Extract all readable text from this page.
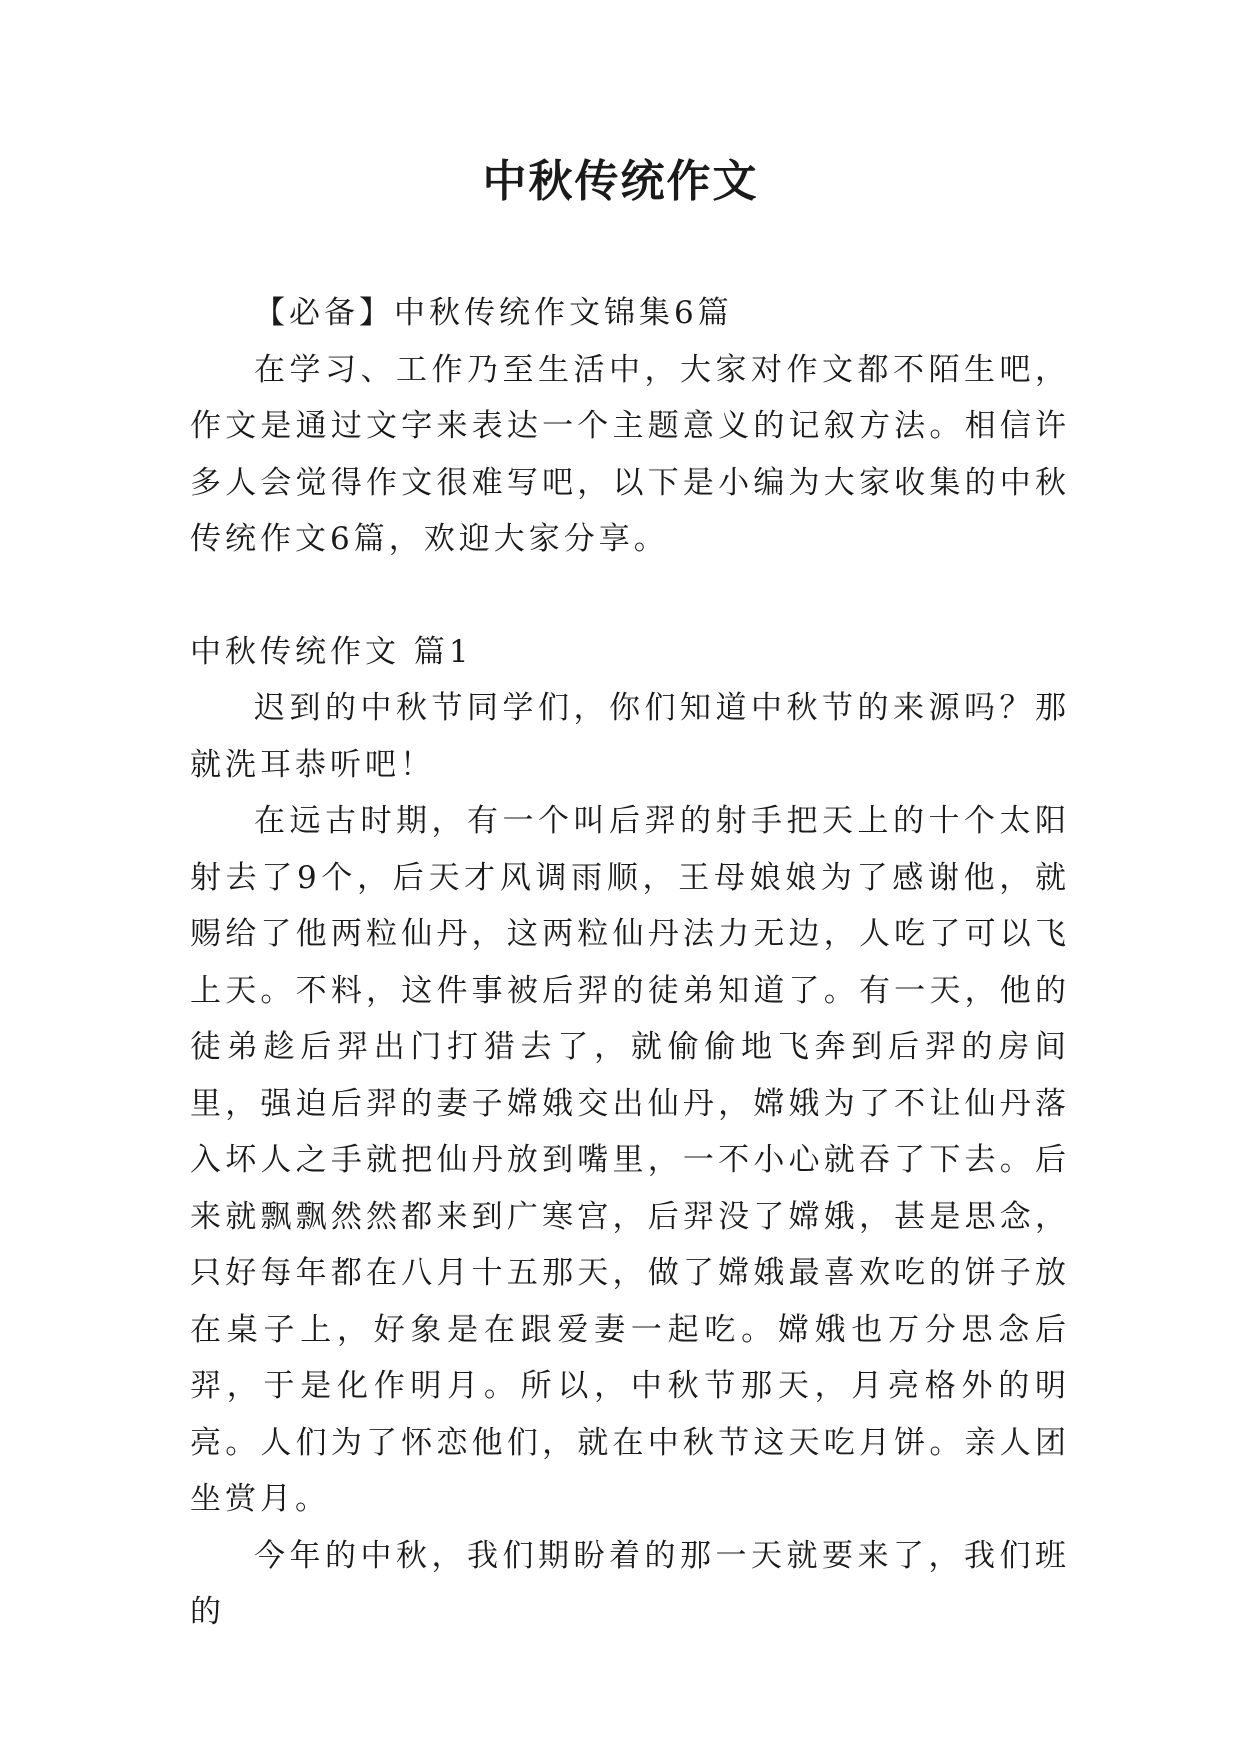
中秋传统作文

【必备】中秋传统作文锦集6篇

在学习、工作乃至生活中，大家对作文都不陌生吧，作文是通过文字来表达一个主题意义的记叙方法。相信许多人会觉得作文很难写吧，以下是小编为大家收集的中秋传统作文6篇，欢迎大家分享。

中秋传统作文 篇1

迟到的中秋节同学们，你们知道中秋节的来源吗？那就洗耳恭听吧！

在远古时期，有一个叫后羿的射手把天上的十个太阳射去了9个，后天才风调雨顺，王母娘娘为了感谢他，就赐给了他两粒仙丹，这两粒仙丹法力无边，人吃了可以飞上天。不料，这件事被后羿的徒弟知道了。有一天，他的徒弟趁后羿出门打猎去了，就偷偷地飞奔到后羿的房间里，强迫后羿的妻子嫦娥交出仙丹，嫦娥为了不让仙丹落入坏人之手就把仙丹放到嘴里，一不小心就吞了下去。后来就飘飘然然都来到广寒宫，后羿没了嫦娥，甚是思念，只好每年都在八月十五那天，做了嫦娥最喜欢吃的饼子放在桌子上，好象是在跟爱妻一起吃。嫦娥也万分思念后羿，于是化作明月。所以，中秋节那天，月亮格外的明亮。人们为了怀恋他们，就在中秋节这天吃月饼。亲人团坐赏月。

今年的中秋，我们期盼着的那一天就要来了，我们班的
